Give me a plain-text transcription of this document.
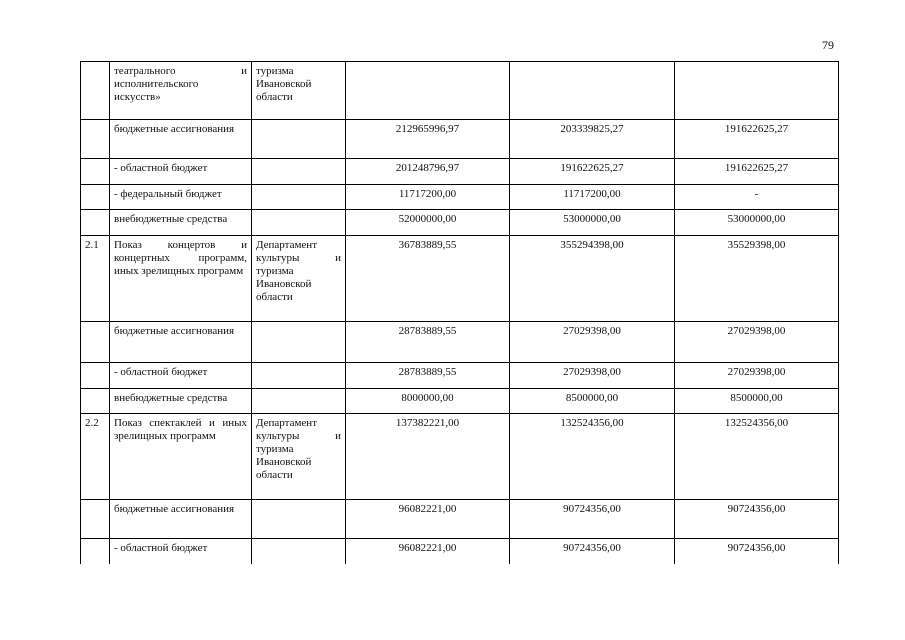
79
	театрального и исполнительского искусств»	туризма Ивановской области			
	бюджетные ассигнования		212965996,97	203339825,27	191622625,27
	- областной бюджет		201248796,97	191622625,27	191622625,27
	- федеральный бюджет		11717200,00	11717200,00	-
	внебюджетные средства		52000000,00	53000000,00	53000000,00
2.1	Показ концертов и концертных программ, иных зрелищных программ	Департамент культуры и туризма Ивановской области	36783889,55	355294398,00	35529398,00
	бюджетные ассигнования		28783889,55	27029398,00	27029398,00
	- областной бюджет		28783889,55	27029398,00	27029398,00
	внебюджетные средства		8000000,00	8500000,00	8500000,00
2.2	Показ спектаклей и иных зрелищных программ	Департамент культуры и туризма Ивановской области	137382221,00	132524356,00	132524356,00
	бюджетные ассигнования		96082221,00	90724356,00	90724356,00
	- областной бюджет		96082221,00	90724356,00	90724356,00
